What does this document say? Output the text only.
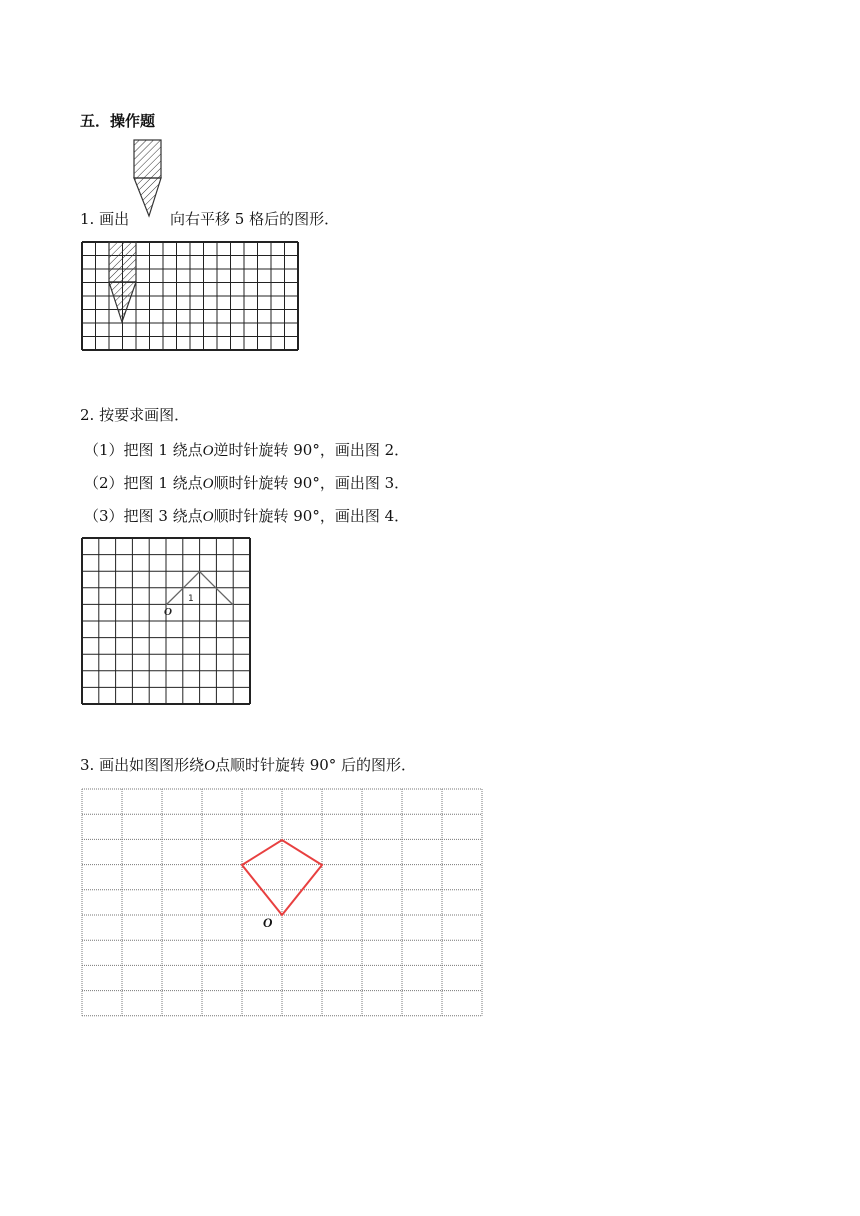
五．操作题
1. 画出	向右平移 5 格后的图形．
2. 按要求画图．
（1）把图 1 绕点O逆时针旋转 90°，画出图 2．
（2）把图 1 绕点O顺时针旋转 90°，画出图 3．
（3）把图 3 绕点O顺时针旋转 90°，画出图 4．
1
O
3. 画出如图图形绕O点顺时针旋转 90° 后的图形．
O
